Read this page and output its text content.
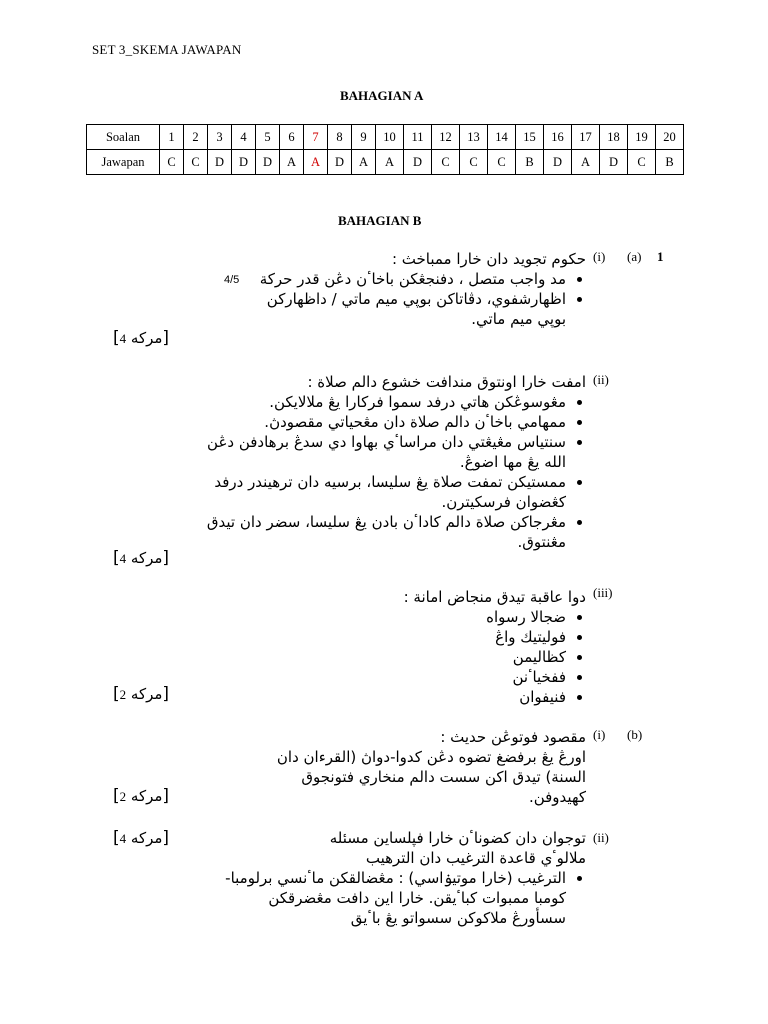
SET 3_SKEMA JAWAPAN
BAHAGIAN A
Soalan	1	2	3	4	5	6	7	8	9	10	11	12	13	14	15	16	17	18	19	20
Jawapan	C	C	D	D	D	A	A	D	A	A	D	C	C	C	B	D	A	D	C	B
BAHAGIAN B
1
(a)
(i)
حکوم تجويد دان خارا ممباخث :
• مد واجب متصل ، دفنجڠکن باخاٴن دڠن قدر حرکة
• اظهارشفوي، دڤاتاکن بوڽي ميم ماتي / داظهارکن بوڽي ميم ماتي.
4/5
[ مرکه 4 ]
(ii)
امفت خارا اونتوق مندافت خشوع دالم صلاة :
• مڠوسوڠکن هاتي درفد سموا فرکارا يڠ ملالايکن.
• ممهامي باخاٴن دالم صلاة دان مڠحياتي مقصودڽ.
• سنتياس مڠيڠتي دان مراساٴي بهاوا دي سدڠ برهادفن دڠن الله يڠ مها اضوڠ.
• ممستيکن تمفت صلاة يڠ سليسا، برسيه دان ترهيندر درفد کڠضوان فرسکيترن.
• مڠرجاکن صلاة دالم کاداٴن بادن يڠ سليسا، سضر دان تيدق مڠنتوق.
[ مرکه 4 ]
(iii)
دوا عاقبة تيدق منجاض امانة :
• ضجالا رسواه
• فوليتيك واڠ
• کظاليمن
• ففخياٴنن
• فنيفوان
[ مرکه 2 ]
(b)
(i)
مقصود فوتوڠن حديث :
اورڠ يڠ برفضغ تضوه دڠن کدوا-دواڽ (القرءان دان
السنة) تيدق اکن سست دالم منخاري فتونجوق
کهيدوفن.
[ مرکه 2 ]
(ii)
[ مرکه 4 ]	توجوان دان کضوناٴن خارا فڽلساين مسئله
ملالوٴي قاعدة الترغيب دان الترهيب
• الترغيب (خارا موتيۏاسي) : مڠضالقکن ماٴنسي برلومبا-کومبا ممبوات کباٴيقن. خارا اين دافت مڠضرقکن سسأورڠ ملاکوکن سسواتو يڠ باٴيق
